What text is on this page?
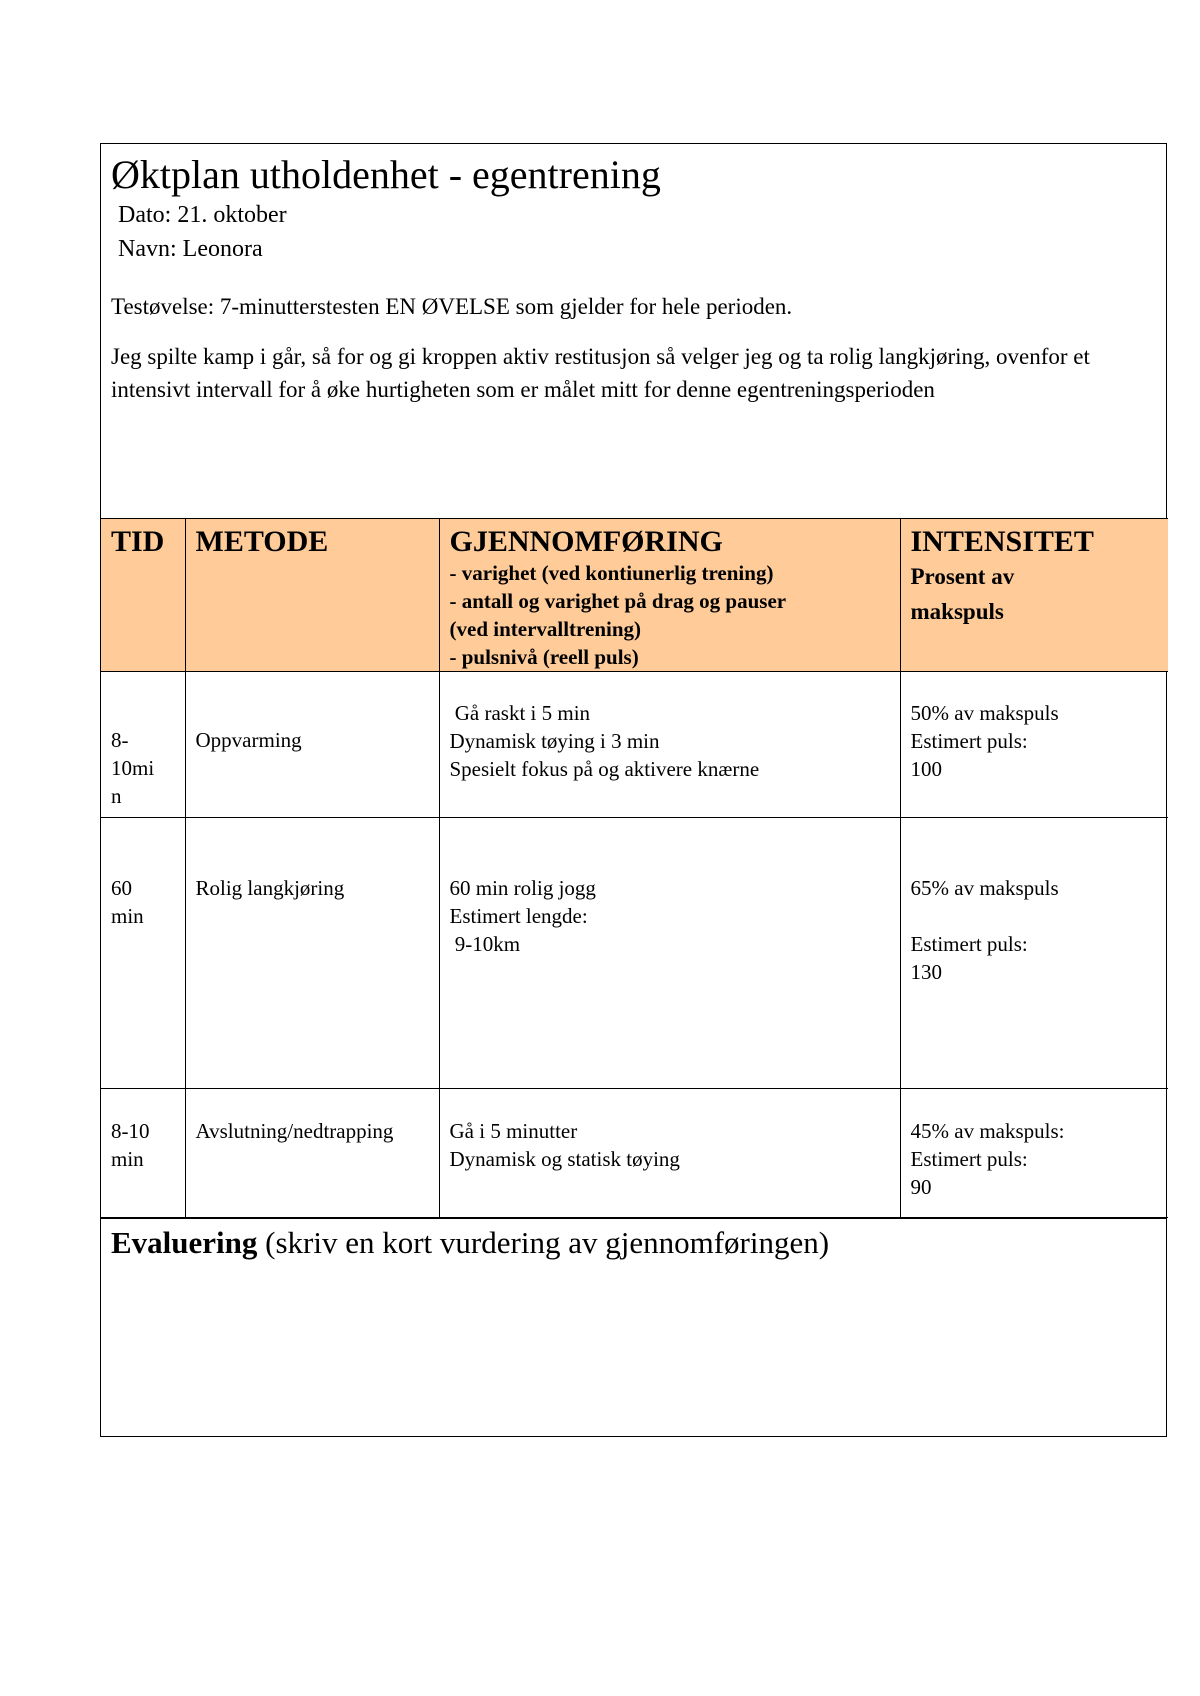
Øktplan utholdenhet - egentrening
Dato: 21. oktober
Navn: Leonora
Testøvelse: 7-minutterstesten EN ØVELSE som gjelder for hele perioden.
Jeg spilte kamp i går, så for og gi kroppen aktiv restitusjon så velger jeg og ta rolig langkjøring, ovenfor et intensivt intervall for å øke hurtigheten som er målet mitt for denne egentreningsperioden
TID	METODE	GJENNOMFØRING
- varighet (ved kontiunerlig trening)
- antall og varighet på drag og pauser
(ved intervalltrening)
- pulsnivå (reell puls)	INTENSITET
Prosent av
makspuls

8-
10mi
n	Oppvarming	Gå raskt i 5 min
Dynamisk tøying i 3 min
Spesielt fokus på og aktivere knærne	50% av makspuls
Estimert puls:
100

60
min	Rolig langkjøring	60 min rolig jogg
Estimert lengde:
9-10km	65% av makspuls

Estimert puls:
130

8-10
min	Avslutning/nedtrapping	Gå i 5 minutter
Dynamisk og statisk tøying	45% av makspuls:
Estimert puls:
90
Evaluering (skriv en kort vurdering av gjennomføringen)
